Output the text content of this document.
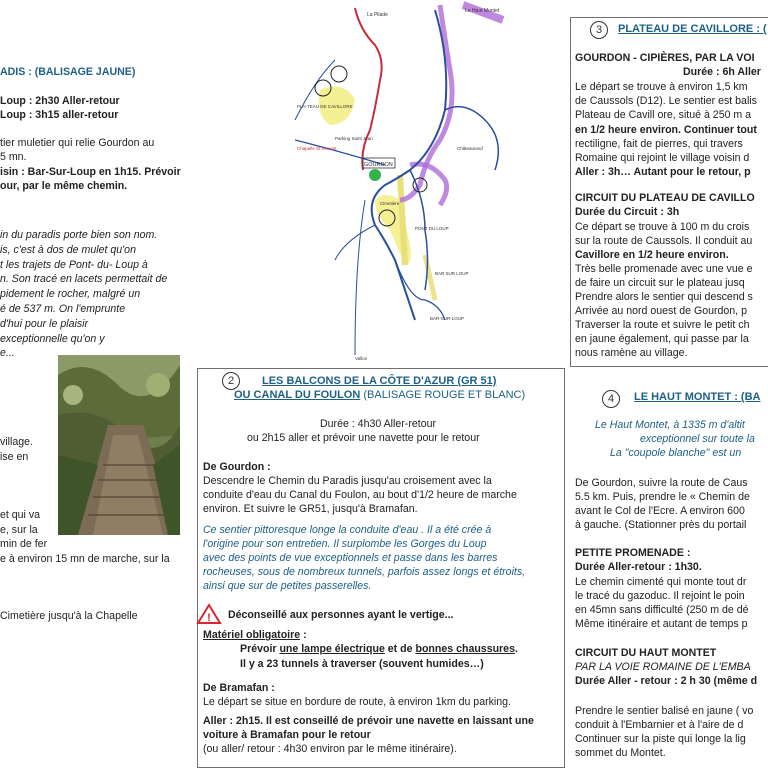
ADIS : (BALISAGE JAUNE)
Loup : 2h30 Aller-retour
Loup : 3h15 aller-retour
tier muletier qui relie Gourdon au
5 mn.
isin : Bar-Sur-Loup en 1h15. Prévoir
our, par le même chemin.
in du paradis porte bien son nom.
is, c'est à dos de mulet qu'on
t les trajets de Pont- du- Loup à
n. Son tracé en lacets permettait de
pidement le rocher, malgré un
é de 537 m. On l'emprunte
d'hui pour le plaisir
exceptionnelle qu'on y
e...
village.
ise en
et qui va
e, sur la
min de fer
e à environ 15 mn de marche, sur la
Cimetière jusqu'à la Chapelle
La Pilade
Le Haut Montet
GOURDON
PONT DU LOUP
BAR SUR LOUP
BAR-SUR-LOUP
PLA-TEAU DE CAVILLORE
Chapelle St Vincent
Parking Saint Jean
Cimetière
Châteauneuf
Vallon
2	LES BALCONS DE LA CÔTE D'AZUR (GR 51)
OU CANAL DU FOULON (BALISAGE ROUGE ET BLANC)
Durée : 4h30 Aller-retour
ou 2h15 aller et prévoir une navette pour le retour
De Gourdon :
Descendre le Chemin du Paradis jusqu'au croisement avec la
conduite d'eau du Canal du Foulon, au bout d'1/2 heure de marche
environ. Et suivre le GR51, jusqu'à Bramafan.
Ce sentier pittoresque longe la conduite d'eau . Il a été crée à
l'origine pour son entretien. Il surplombe les Gorges du Loup
avec des points de vue exceptionnels et passe dans les barres
rocheuses, sous de nombreux tunnels, parfois assez longs et étroits,
ainsi que sur de petites passerelles.
! Déconseillé aux personnes ayant le vertige...
Matériel obligatoire :
Prévoir une lampe électrique et de bonnes chaussures.
Il y a 23 tunnels à traverser (souvent humides…)
De Bramafan :
Le départ se situe en bordure de route, à environ 1km du parking.
Aller : 2h15. Il est conseillé de prévoir une navette en laissant une
voiture à Bramafan pour le retour
(ou aller/ retour : 4h30 environ par le même itinéraire).
3	PLATEAU DE CAVILLORE : (
GOURDON - CIPIÈRES, PAR LA VOI
Durée : 6h Aller
Le départ se trouve à environ 1,5 km
de Caussols (D12). Le sentier est balis
Plateau de Cavill ore, situé à 250 m a
en 1/2 heure environ. Continuer tout
rectiligne, fait de pierres, qui travers
Romaine qui rejoint le village voisin d
Aller : 3h… Autant pour le retour, p
CIRCUIT DU PLATEAU DE CAVILLO
Durée du Circuit : 3h
Ce départ se trouve à 100 m du crois
sur la route de Caussols. Il conduit au
Cavillore en 1/2 heure environ.
Très belle promenade avec une vue e
de faire un circuit sur le plateau jusq
Prendre alors le sentier qui descend s
Arrivée au nord ouest de Gourdon, p
Traverser la route et suivre le petit ch
en jaune également, qui passe par la
nous ramène au village.
4	LE HAUT MONTET : (BA
Le Haut Montet, à 1335 m d'altit
exceptionnel sur toute la
La "coupole blanche" est un
De Gourdon, suivre la route de Caus
5.5 km. Puis, prendre le « Chemin de
avant le Col de l'Ecre. A environ 600
à gauche. (Stationner près du portail
PETITE PROMENADE :
Durée Aller-retour : 1h30.
Le chemin cimenté qui monte tout dr
le tracé du gazoduc. Il rejoint le poin
en 45mn sans difficulté (250 m de dé
Même itinéraire et autant de temps p
CIRCUIT DU HAUT MONTET
PAR LA VOIE ROMAINE DE L'EMBA
Durée Aller - retour : 2 h 30 (même d
Prendre le sentier balisé en jaune ( vo
conduit à l'Embarnier et à l'aire de d
Continuer sur la piste qui longe la lig
sommet du Montet.
